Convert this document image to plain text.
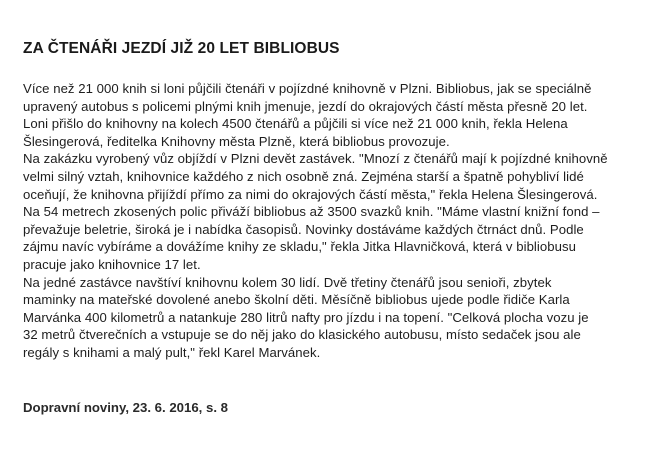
ZA ČTENÁŘI JEZDÍ JIŽ 20 LET BIBLIOBUS
Více než 21 000 knih si loni půjčili čtenáři v pojízdné knihovně v Plzni. Bibliobus, jak se speciálně
upravený autobus s policemi plnými knih jmenuje, jezdí do okrajových částí města přesně 20 let.
Loni přišlo do knihovny na kolech 4500 čtenářů a půjčili si více než 21 000 knih, řekla Helena
Šlesingerová, ředitelka Knihovny města Plzně, která bibliobus provozuje.
Na zakázku vyrobený vůz objíždí v Plzni devět zastávek. "Mnozí z čtenářů mají k pojízdné knihovně
velmi silný vztah, knihovnice každého z nich osobně zná. Zejména starší a špatně pohybliví lidé
oceňují, že knihovna přijíždí přímo za nimi do okrajových částí města," řekla Helena Šlesingerová.
Na 54 metrech zkosených polic přiváží bibliobus až 3500 svazků knih. "Máme vlastní knižní fond –
převažuje beletrie, široká je i nabídka časopisů. Novinky dostáváme každých čtrnáct dnů. Podle
zájmu navíc vybíráme a dovážíme knihy ze skladu," řekla Jitka Hlavničková, která v bibliobusu
pracuje jako knihovnice 17 let.
Na jedné zastávce navštíví knihovnu kolem 30 lidí. Dvě třetiny čtenářů jsou senioři, zbytek
maminky na mateřské dovolené anebo školní děti. Měsíčně bibliobus ujede podle řidiče Karla
Marvánka 400 kilometrů a natankuje 280 litrů nafty pro jízdu i na topení. "Celková plocha vozu je
32 metrů čtverečních a vstupuje se do něj jako do klasického autobusu, místo sedaček jsou ale
regály s knihami a malý pult," řekl Karel Marvánek.

Dopravní noviny, 23. 6. 2016, s. 8
